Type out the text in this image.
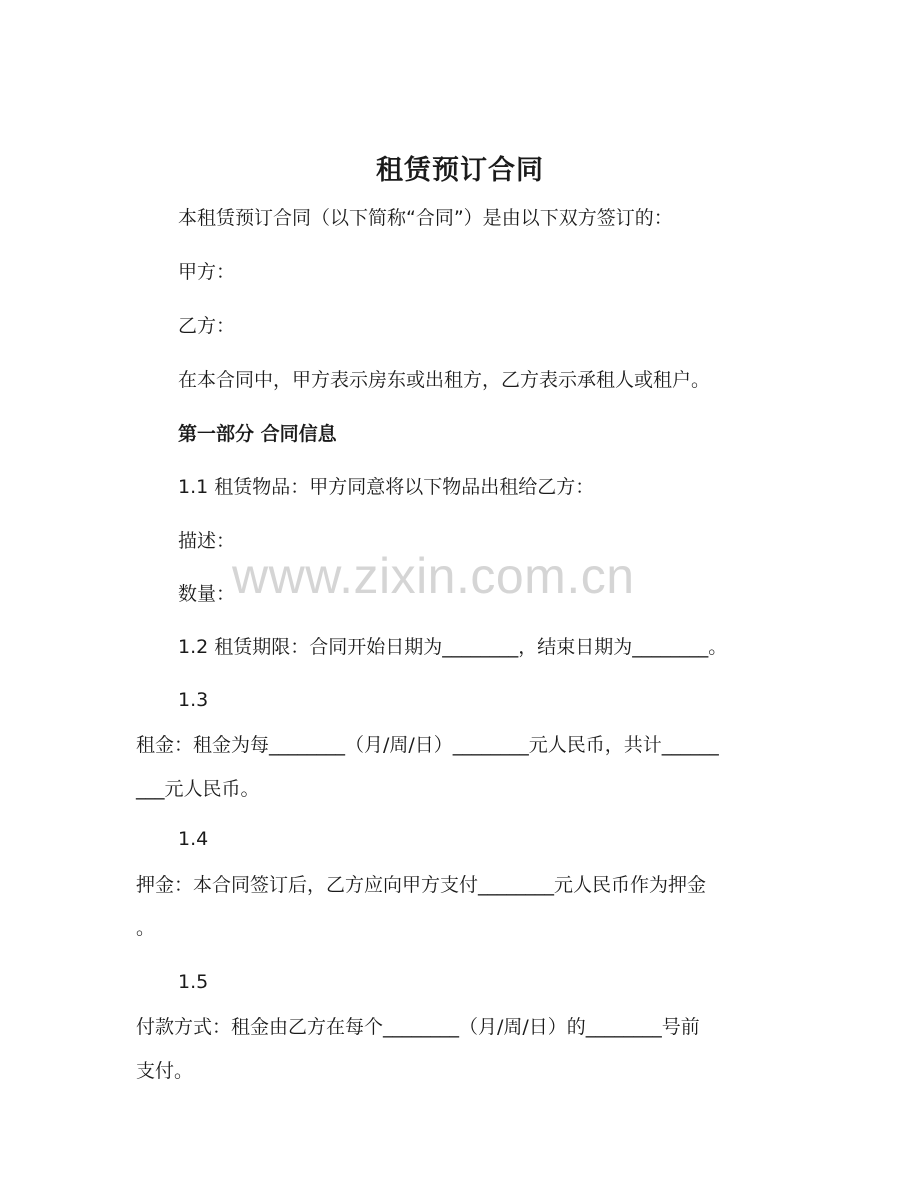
租赁预订合同
本租赁预订合同（以下简称“合同”）是由以下双方签订的：
甲方：
乙方：
在本合同中，甲方表示房东或出租方，乙方表示承租人或租户。
第一部分 合同信息
1.1 租赁物品：甲方同意将以下物品出租给乙方：
描述：
数量：
1.2 租赁期限：合同开始日期为________，结束日期为________。
1.3
租金：租金为每________（月/周/日）________元人民币，共计______
___元人民币。
1.4
押金：本合同签订后，乙方应向甲方支付________元人民币作为押金
。
1.5
付款方式：租金由乙方在每个________（月/周/日）的________号前
支付。
www.zixin.com.cn
